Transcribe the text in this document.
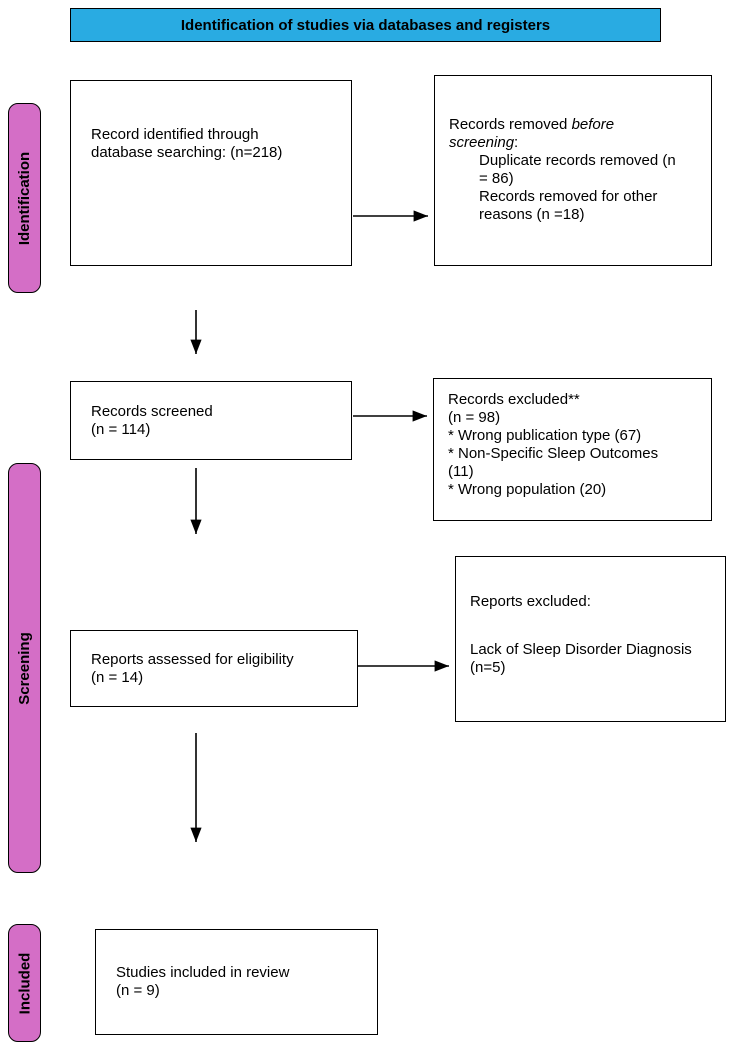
Identification of studies via databases and registers
Identification
Screening
Included
Record identified through
database searching: (n=218)
Records removed before screening:
Duplicate records removed (n = 86)
Records removed for other reasons (n =18)
Records screened
(n = 114)
Records excluded**
(n = 98)
* Wrong publication type (67)
* Non-Specific Sleep Outcomes (11)
* Wrong population (20)
Reports assessed for eligibility
(n = 14)
Reports excluded:
Lack of Sleep Disorder Diagnosis (n=5)
Studies included in review
(n = 9)
